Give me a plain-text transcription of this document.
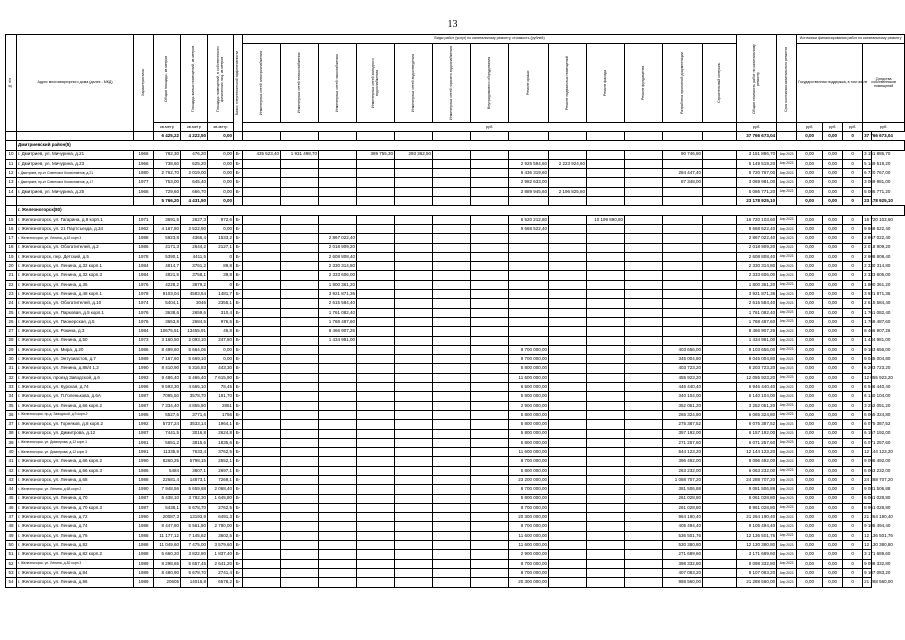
13
№ п/п	Адрес многоквартирного дома (далее - МКД)	Характеристика	Общая площадь, кв.метров	Площадь жилых помещений, кв.метров	Площадь помещений, в собственности физических лиц, кв.метров	Класс энергетической эффективности	Виды работ (услуг) по капитальному ремонту, стоимость (рублей)													Общая стоимость работ по капитальному ремонту	Срок окончания капитального ремонта	Источники финансирования работ по капитальному ремонту			

							Инженерных сетей электроснабжения	Инженерных сетей теплоснабжения	Инженерных сетей газоснабжения	Инженерных сетей холодного водоснабжения	Инженерных сетей водоотведения	Инженерных сетей горячего водоснабжения	Внутридомового оборудования	Ремонт крыши	Ремонт подвальных помещений	Ремонт фасада	Ремонт фундамента	Разработка проектной документации	Строительный контроль			Государственная поддержка, в том числе			Средства собственников помещений

			кв.метр	кв.метр	кв.метр		руб.													руб.		руб.	руб.	руб.	руб.
			6 425,22	4 222,50	0,00															37 766 673,04		0,00	0,00	0	37 766 673,04
	Дмитриевский район(5)																								
10	г. Дмитриев, ул. Мичурина, д.21	1966	782,30	476,20	0,00	Б-	435 523,40	1 931 498,70		389 755,30	293 362,50							90 746,80		3 151 886,70	Апр 2023	0,00	0,00	0	3 151 886,70
11	г. Дмитриев, ул. Мичурина, д.23	1966	738,60	625,20	0,00	Б-								2 925 594,60	2 223 924,60					5 149 519,20	Апр 2023	0,00	0,00	0	5 149 519,20
12	г. Дмитриев, пр-кт Советских Космонавтов, д.21	1980	2 762,70	2 019,00	0,00	Б-								6 436 319,60				284 447,40		6 720 767,00	Апр 2023	0,00	0,00	0	6 720 767,00
13	г. Дмитриев, пр-кт Советских Космонавтов, д.17	1977	753,00	645,40	0,00	Б-								2 982 633,00				87 348,00		3 069 981,00	Апр 2023	0,00	0,00	0	3 069 981,00
14	г. Дмитриев, ул. Мичурина, д.25	1966	729,60	666,70	0,00	Б-								2 889 945,60	2 196 825,60					5 086 771,20	Апр 2023	0,00	0,00	0	5 086 771,20
			5 766,20	4 431,50	0,00															23 178 925,10		0,00	0,00	0	23 178 925,10
	г. Железногорск(80)																								
15	г. Железногорск, ул. Гагарина, д.9 корп.1	1971	3691,5	2627,3	972,6	Б-								6 520 212,80		10 199 890,80				16 720 103,60	Апр 2023	0,00	0,00	0	16 720 103,60
16	г. Железногорск, ул. 21 Партсъезда, д.34	1962	4 167,80	2 522,90	0,00	Б-								9 668 522,40						9 668 522,40	Апр 2023	0,00	0,00	0	9 668 522,40
17	г. Железногорск, ул. Ленина, д.42 корп.3	1988	5923,8	4366,4	1533,2	Б-			2 867 022,40											2 867 022,40	Апр 2023	0,00	0,00	0	2 867 022,40
18	г. Железногорск, ул. Обогатителей, д.2	1986	4171,3	2644,2	2127,1	Б-			2 018 909,20											2 018 909,20	Апр 2023	0,00	0,00	0	2 018 909,20
19	г. Железногорск, пер. Детский, д.5	1978	5390,1	4411,5	0	Б-			2 608 808,40											2 608 808,40	Апр 2023	0,00	0,00	0	2 608 808,40
20	г. Железногорск, ул. Ленина, д.32 корп.1	1984	4814,7	3761,2	89,8	Б-			2 330 314,80											2 330 314,80	Апр 2023	0,00	0,00	0	2 330 314,80
21	г. Железногорск, ул. Ленина, д.32 корп.3	1984	4821,5	3758,1	39,8	Б-			2 333 606,00											2 333 606,00	Апр 2023	0,00	0,00	0	2 333 606,00
22	г. Железногорск, ул. Ленина, д.35	1976	4228,2	3879,2	0	Б-			1 800 361,20											1 800 361,20	Апр 2023	0,00	0,00	0	1 800 361,20
23	г. Железногорск, ул. Ленина, д.48 корп.1	1978	8103,04	4583,54	1481,7	Б-			3 921 871,36											3 921 871,36	Апр 2023	0,00	0,00	0	3 921 871,36
24	г. Железногорск, ул. Обогатителей, д.10	1974	5404,1	3046	2355,1	Б-			2 615 584,40											2 615 584,40	Апр 2023	0,00	0,00	0	2 615 584,40
25	г. Железногорск, ул. Парковая, д.5 корп.1	1976	3638,6	2659,6	310,4	Б-			1 761 082,40											1 761 082,40	Апр 2023	0,00	0,00	0	1 761 082,40
26	г. Железногорск, ул. Пионерская, д.5	1976	3653,8	2684,5	976,5	Б-			1 768 487,60											1 768 487,60	Апр 2023	0,00	0,00	0	1 768 487,60
27	г. Железногорск, ул. Рокина, д.3	1984	10675,51	13455,91	46,8	Б-			8 466 907,26											8 466 907,26	Апр 2023	0,00	0,00	0	8 466 907,26
28	г. Железногорск, ул. Ленина, д.50	1973	3 160,50	2 093,10	247,80	Б-			1 434 981,00											1 434 981,00	Апр 2023	0,00	0,00	0	1 434 981,00
29	г. Железногорск, ул. Мира, д.20	1986	8 499,60	5 664,06	0,00	Б-								8 700 000,00				403 656,00		9 103 656,00	Апр 2023	0,00	0,00	0	9 103 656,00
30	г. Железногорск, ул. Энтузиастов, д.7	1989	7 167,60	5 669,10	0,00	Б-								8 700 000,00				345 004,80		9 045 004,80	Апр 2023	0,00	0,00	0	9 045 004,80
31	г. Железногорск, ул. Ленина, д.88/4 1,2	1990	8 410,90	5 316,83	443,30	Б-								5 800 000,00				403 723,20		6 203 723,20	Апр 2023	0,00	0,00	0	6 203 723,20
32	г. Железногорск, проезд Заводской, д.6	1993	9 486,40	5 466,40	7 615,90	Б-								11 600 000,00				455 923,20		12 055 923,20	Апр 2023	0,00	0,00	0	12 055 923,20
33	г. Железногорск, ул. Курская, д.74	1996	9 593,30	4 665,10	78,45	Б-								6 500 000,00				446 440,40		6 946 440,40	Апр 2023	0,00	0,00	0	6 946 440,40
34	г. Железногорск, ул. П.Голенькова, д.6А	1987	7095,50	3578,70	191,70	Б-								5 800 000,00				340 104,00		6 140 104,00	Апр 2023	0,00	0,00	0	6 140 104,00
35	г. Железногорск, ул. Ленина, д.66 корп.2	1987	7 334,40	4 855,80	2851	Б-								2 900 000,00				352 051,20		3 252 051,20	Апр 2023	0,00	0,00	0	3 252 051,20
36	г. Железногорск, пр-д. Заводской, д.9 корп.2	1995	5527,6	3771,6	1756	Б-								5 800 000,00				265 324,80		6 065 324,80	Апр 2023	0,00	0,00	0	6 065 324,80
37	г. Железногорск, ул. Горняков, д.8 корп.2	1992	5737,24	3533,14	1964,1	Б-								5 800 000,00				275 387,52		6 075 387,52	Апр 2023	0,00	0,00	0	6 075 387,52
38	г. Железногорск, ул. Димитрова, д.12	1987	7441,5	3016,8	2624,8	Б-								5 800 000,00				357 192,00		6 157 192,00	Апр 2023	0,00	0,00	0	6 157 192,00
39	г. Железногорск, ул. Димитрова, д.12 корп.1	1991	5651,2	3815,6	1835,6	Б-								5 800 000,00				271 257,60		6 071 257,60	Апр 2023	0,00	0,00	0	6 071 257,60
40	г. Железногорск, ул. Димитрова, д.12 корп.3	1991	11335,9	7633,4	3762,5	Б-								11 600 000,00				544 123,20		12 144 123,20	Апр 2023	0,00	0,00	0	12 144 123,20
41	г. Железногорск, ул. Ленина, д.66 корп.2	1990	8260,25	5798,15	2552,1	Б-								8 700 000,00				396 492,00		9 096 492,00	Апр 2023	0,00	0,00	0	9 096 492,00
42	г. Железногорск, ул. Ленина, д.66 корп.3	1986	5484	3807,1	2697,1	Б-								5 800 000,00				263 232,00		6 063 232,00	Апр 2023	0,00	0,00	0	6 063 232,00
43	г. Железногорск, ул. Ленина, д.68	1988	22681,4	14873,1	7269,1	Б-								23 200 000,00				1 088 707,20		24 288 707,20	Апр 2023	0,00	0,00	0	24 288 707,20
44	г. Железногорск, ул. Ленина, д.68 корп.2	1990	7 948,56	5 659,68	2 068,40	Б-								8 700 000,00				381 506,88		9 081 506,88	Апр 2023	0,00	0,00	0	9 081 506,88
45	г. Железногорск, ул. Ленина, д.70	1987	5 438,10	3 782,30	1 645,80	Б-								5 800 000,00				261 028,80		6 061 028,80	Апр 2023	0,00	0,00	0	6 061 028,80
46	г. Железногорск, ул. Ленина, д.70 корп.3	1987	5438,1	5 678,70	2762,5	Б-								8 700 000,00				261 028,80		8 961 028,80	Апр 2023	0,00	0,00	0	8 961 028,80
47	г. Железногорск, ул. Ленина, д.72	1990	20087,3	13193,9	6491,3	Б-								20 300 000,00				964 190,40		21 264 190,40	Апр 2023	0,00	0,00	0	21 264 190,40
48	г. Железногорск, ул. Ленина, д.74	1988	8 447,80	5 561,80	2 780,00	Б-								8 700 000,00				405 494,40		9 105 494,40	Апр 2023	0,00	0,00	0	9 105 494,40
49	г. Железногорск, ул. Ленина, д.76	1988	11 177,12	7 145,62	3602,5	Б-								11 600 000,00				536 501,76		12 136 501,76	Апр 2023	0,00	0,00	0	12 136 501,76
50	г. Железногорск, ул. Ленина, д.82	1986	11 049,60	7 475,00	3 579,60	Б-								11 600 000,00				530 380,80		12 130 380,80	Апр 2023	0,00	0,00	0	12 130 380,80
51	г. Железногорск, ул. Ленина, д.82 корп.2	1988	5 660,20	3 822,80	1 837,40	Б-								2 900 000,00				271 689,60		3 171 689,60	Апр 2023	0,00	0,00	0	3 171 689,60
52	г. Железногорск, ул. Ленина, д.82 корп.3	1989	8 298,65	5 657,45	2 641,20	Б-								8 700 000,00				398 332,80		9 098 332,80	Апр 2023	0,00	0,00	0	9 098 332,80
53	г. Железногорск, ул. Ленина, д.84	1989	8 480,90	5 678,70	2741,4	Б-								8 700 000,00				407 083,20		9 107 083,20	Апр 2023	0,00	0,00	0	9 107 083,20
54	г. Железногорск, ул. Ленина, д.86	1989	20605	14016,8	6578,2	Б-								20 300 000,00				988 560,00		21 288 560,00	Апр 2023	0,00	0,00	0	21 288 560,00
